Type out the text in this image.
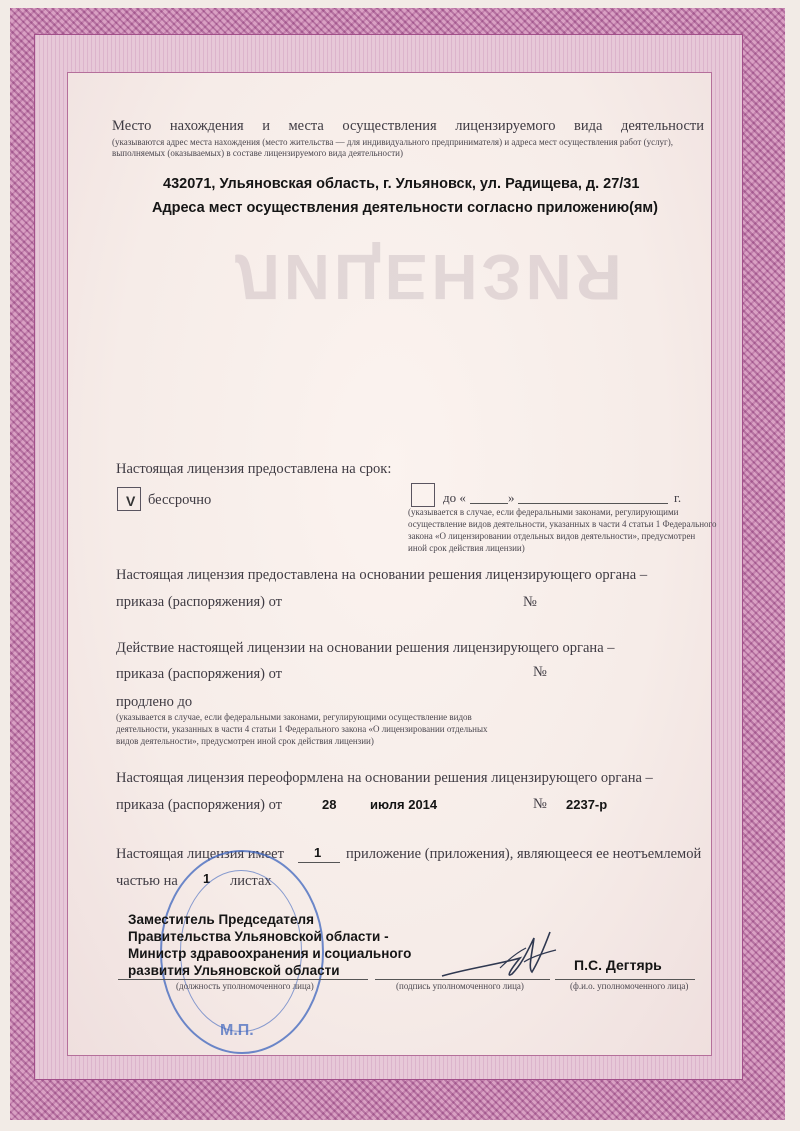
ЛИЦЕНЗИЯ
Место нахождения и места осуществления лицензируемого вида деятельности
(указываются адрес места нахождения (место жительства — для индивидуального предпринимателя) и адреса мест осуществления работ (услуг),
выполняемых (оказываемых) в составе лицензируемого вида деятельности)
432071, Ульяновская область, г. Ульяновск, ул. Радищева, д. 27/31
Адреса мест осуществления деятельности согласно приложению(ям)
Настоящая лицензия предоставлена на срок:
V бессрочно	до «	»	г.
(указывается в случае, если федеральными законами, регулирующими
осуществление видов деятельности, указанных в части 4 статьи 1 Федерального
закона «О лицензировании отдельных видов деятельности», предусмотрен
иной срок действия лицензии)
Настоящая лицензия предоставлена на основании решения лицензирующего органа –
приказа (распоряжения) от	№
Действие настоящей лицензии на основании решения лицензирующего органа –
приказа (распоряжения) от	№
продлено до
(указывается в случае, если федеральными законами, регулирующими осуществление видов
деятельности, указанных в части 4 статьи 1 Федерального закона «О лицензировании отдельных
видов деятельности», предусмотрен иной срок действия лицензии)
Настоящая лицензия переоформлена на основании решения лицензирующего органа –
приказа (распоряжения) от	28	июля 2014	№ 2237-р
Настоящая лицензия имеет 1 приложение (приложения), являющееся ее неотъемлемой
частью на 1 листах
М.П.
Заместитель Председателя
Правительства Ульяновской области -
Министр здравоохранения и социального
развития Ульяновской области	П.С. Дегтярь
(должность уполномоченного лица)	(подпись уполномоченного лица)	(ф.и.о. уполномоченного лица)
